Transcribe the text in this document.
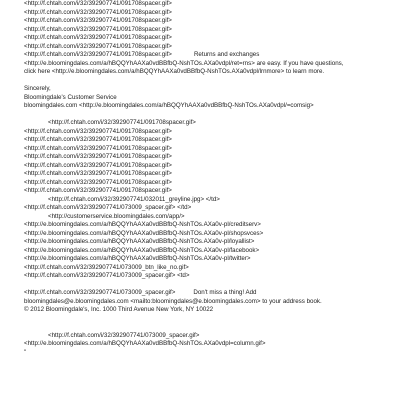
<http://f.chtah.com/i/32/392907741/091708spacer.gif>
<http://f.chtah.com/i/32/392907741/091708spacer.gif>
<http://f.chtah.com/i/32/392907741/091708spacer.gif>
<http://f.chtah.com/i/32/392907741/091708spacer.gif>
<http://f.chtah.com/i/32/392907741/091708spacer.gif>
<http://f.chtah.com/i/32/392907741/091708spacer.gif>
<http://f.chtah.com/i/32/392907741/091708spacer.gif>	Returns and exchanges
<http://e.bloomingdales.com/a/hBQQYhAAXa0vdBBfbQ-NshTOs.AXa0vdpl/ret=rns> are easy. If you have questions,
click here <http://e.bloomingdales.com/a/hBQQYhAAXa0vdBBfbQ-NshTOs.AXa0vdpl/lrnmore> to learn more.
Sincerely,
Bloomingdale's Customer Service
bloomingdales.com <http://e.bloomingdales.com/a/hBQQYhAAXa0vdBBfbQ-NshTOs.AXa0vdpl/=comsig>
<http://f.chtah.com/i/32/392907741/091708spacer.gif>
<http://f.chtah.com/i/32/392907741/091708spacer.gif>
<http://f.chtah.com/i/32/392907741/091708spacer.gif>
<http://f.chtah.com/i/32/392907741/091708spacer.gif>
<http://f.chtah.com/i/32/392907741/091708spacer.gif>
<http://f.chtah.com/i/32/392907741/091708spacer.gif>
<http://f.chtah.com/i/32/392907741/091708spacer.gif>
<http://f.chtah.com/i/32/392907741/091708spacer.gif>
<http://f.chtah.com/i/32/392907741/091708spacer.gif>
<http://f.chtah.com/i/32/392907741/032011_greyline.jpg> </td>
<http://f.chtah.com/i/32/392907741/073009_spacer.gif> </td>
<http://customerservice.bloomingdales.com/app/>
<http://e.bloomingdales.com/a/hBQQYhAAXa0vdBBfbQ-NshTOs.AXa0v-pl/creditserv>
<http://e.bloomingdales.com/a/hBQQYhAAXa0vdBBfbQ-NshTOs.AXa0v-pl/shopsvces>
<http://e.bloomingdales.com/a/hBQQYhAAXa0vdBBfbQ-NshTOs.AXa0v-pl/loyallist>
<http://e.bloomingdales.com/a/hBQQYhAAXa0vdBBfbQ-NshTOs.AXa0v-pl/facebook>
<http://e.bloomingdales.com/a/hBQQYhAAXa0vdBBfbQ-NshTOs.AXa0v-pl/twitter>
<http://f.chtah.com/i/32/392907741/073009_btn_like_no.gif>
<http://f.chtah.com/i/32/392907741/073009_spacer.gif> <td>
<http://f.chtah.com/i/32/392907741/073009_spacer.gif>	Don't miss a thing! Add
bloomingdales@e.bloomingdales.com <mailto:bloomingdales@e.bloomingdales.com> to your address book.
© 2012 Bloomingdale's, Inc. 1000 Third Avenue New York, NY 10022
<http://f.chtah.com/i/32/392907741/073009_spacer.gif>
<http://e.bloomingdales.com/a/hBQQYhAAXa0vdBBfbQ-NshTOs.AXa0vdpl=column.gif>
"
